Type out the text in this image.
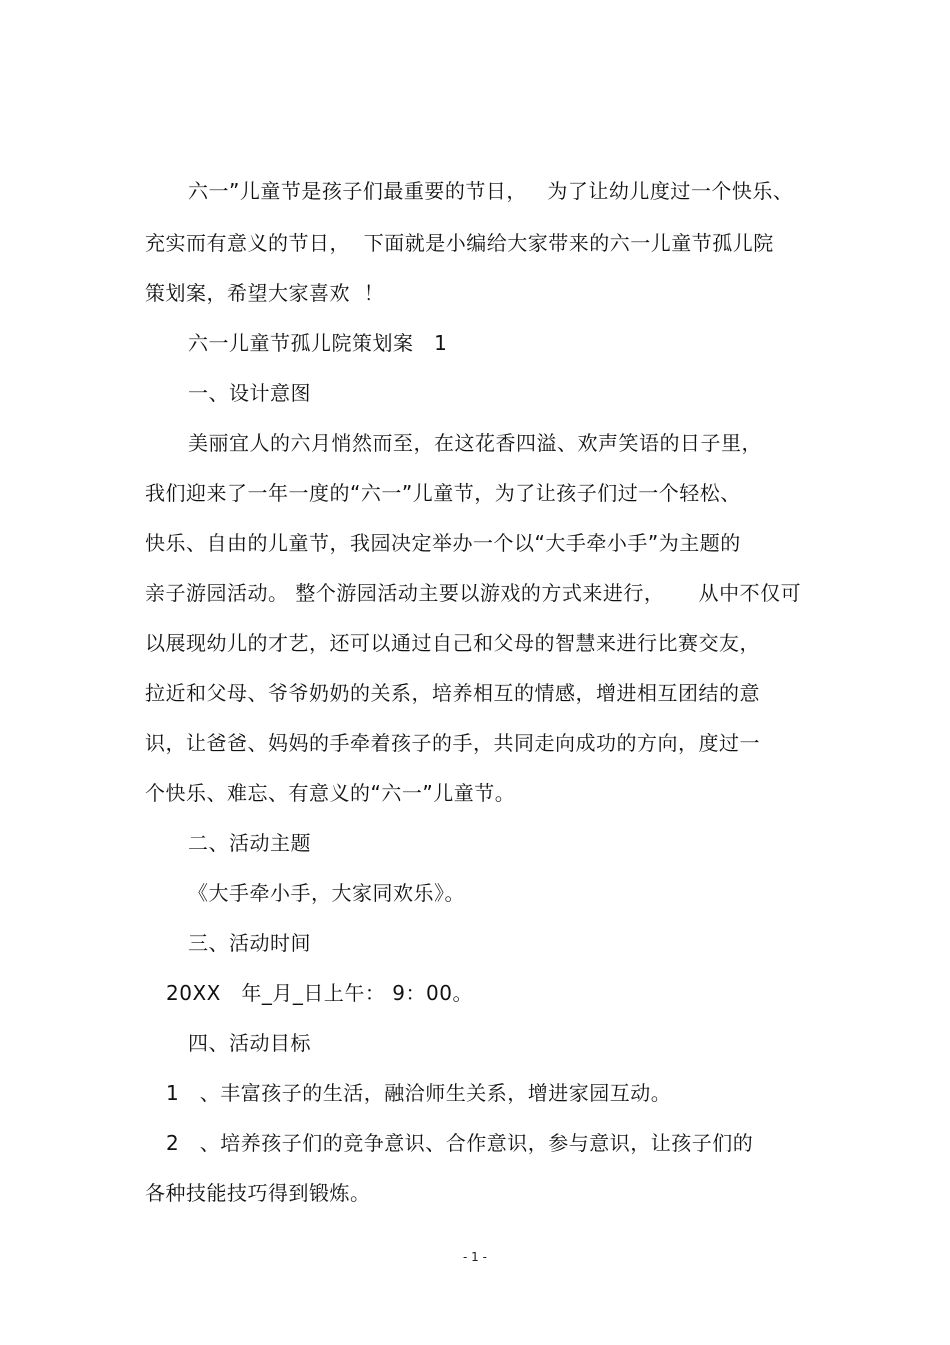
六一”儿童节是孩子们最重要的节日，   为了让幼儿度过一个快乐、
充实而有意义的节日，  下面就是小编给大家带来的六一儿童节孤儿院
策划案，希望大家喜欢  ！
六一儿童节孤儿院策划案   1
一、设计意图
美丽宜人的六月悄然而至，在这花香四溢、欢声笑语的日子里，
我们迎来了一年一度的“六一”儿童节，为了让孩子们过一个轻松、
快乐、自由的儿童节，我园决定举办一个以“大手牵小手”为主题的
亲子游园活动。 整个游园活动主要以游戏的方式来进行，     从中不仅可
以展现幼儿的才艺，还可以通过自己和父母的智慧来进行比赛交友，
拉近和父母、爷爷奶奶的关系，培养相互的情感，增进相互团结的意
识，让爸爸、妈妈的手牵着孩子的手，共同走向成功的方向，度过一
个快乐、难忘、有意义的“六一”儿童节。
二、活动主题
《大手牵小手，大家同欢乐》。
三、活动时间
20XX   年_月_日上午： 9：00。
四、活动目标
1   、丰富孩子的生活，融洽师生关系，增进家园互动。
2   、培养孩子们的竞争意识、合作意识，参与意识，让孩子们的
各种技能技巧得到锻炼。
- 1 -
